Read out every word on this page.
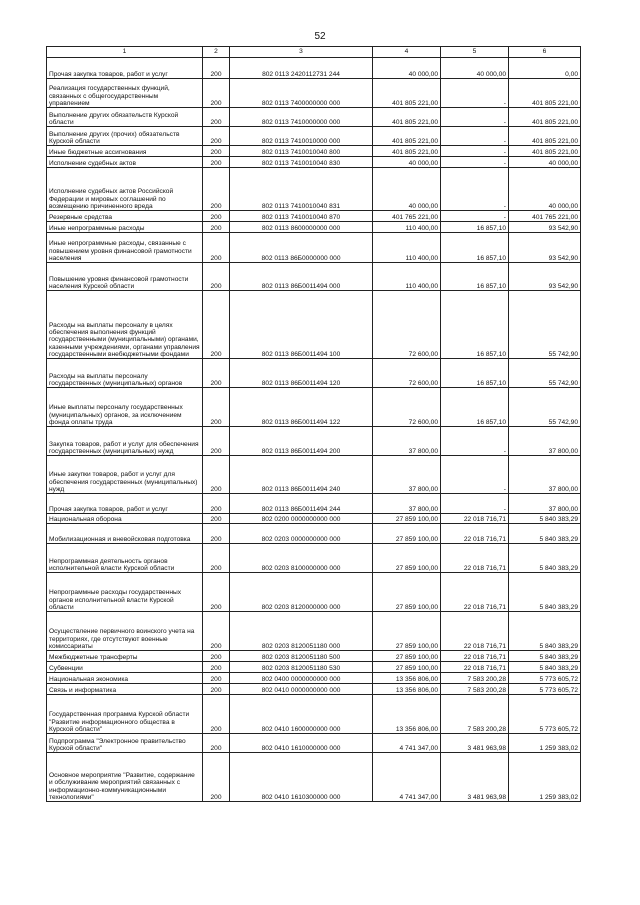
52
1	2	3	4	5	6
Прочая закупка товаров, работ и услуг	200	802 0113 2420112731 244	40 000,00	40 000,00	0,00
Реализация государственных функций, связанных с общегосударственным управлением	200	802 0113 7400000000 000	401 805 221,00	-	401 805 221,00
Выполнение других обязательств Курской области	200	802 0113 7410000000 000	401 805 221,00	-	401 805 221,00
Выполнение других (прочих) обязательств Курской области	200	802 0113 7410010000 000	401 805 221,00	-	401 805 221,00
Иные бюджетные ассигнования	200	802 0113 7410010040 800	401 805 221,00	-	401 805 221,00
Исполнение судебных актов	200	802 0113 7410010040 830	40 000,00	-	40 000,00
Исполнение судебных актов Российской Федерации и мировых соглашений по возмещению причиненного вреда	200	802 0113 7410010040 831	40 000,00	-	40 000,00
Резервные средства	200	802 0113 7410010040 870	401 765 221,00	-	401 765 221,00
Иные непрограммные расходы	200	802 0113 8600000000 000	110 400,00	16 857,10	93 542,90
Иные непрограммные расходы, связанные с повышением уровня финансовой грамотности населения	200	802 0113 86Б0000000 000	110 400,00	16 857,10	93 542,90
Повышение уровня финансовой грамотности населения Курской области	200	802 0113 86Б0011494 000	110 400,00	16 857,10	93 542,90
Расходы на выплаты персоналу в целях обеспечения выполнения функций государственными (муниципальными) органами, казенными учреждениями, органами управления государственными внебюджетными фондами	200	802 0113 86Б0011494 100	72 600,00	16 857,10	55 742,90
Расходы на выплаты персоналу государственных (муниципальных) органов	200	802 0113 86Б0011494 120	72 600,00	16 857,10	55 742,90
Иные выплаты персоналу государственных (муниципальных) органов, за исключением фонда оплаты труда	200	802 0113 86Б0011494 122	72 600,00	16 857,10	55 742,90
Закупка товаров, работ и услуг для обеспечения государственных (муниципальных) нужд	200	802 0113 86Б0011494 200	37 800,00	-	37 800,00
Иные закупки товаров, работ и услуг для обеспечения государственных (муниципальных) нужд	200	802 0113 86Б0011494 240	37 800,00	-	37 800,00
Прочая закупка товаров, работ и услуг	200	802 0113 86Б0011494 244	37 800,00	-	37 800,00
Национальная оборона	200	802 0200 0000000000 000	27 859 100,00	22 018 716,71	5 840 383,29
Мобилизационная и вневойсковая подготовка	200	802 0203 0000000000 000	27 859 100,00	22 018 716,71	5 840 383,29
Непрограммная деятельность органов исполнительной власти Курской области	200	802 0203 8100000000 000	27 859 100,00	22 018 716,71	5 840 383,29
Непрограммные расходы государственных органов исполнительной власти Курской области	200	802 0203 8120000000 000	27 859 100,00	22 018 716,71	5 840 383,29
Осуществление первичного воинского учета на территориях, где отсутствуют военные комиссариаты	200	802 0203 8120051180 000	27 859 100,00	22 018 716,71	5 840 383,29
Межбюджетные трансферты	200	802 0203 8120051180 500	27 859 100,00	22 018 716,71	5 840 383,29
Субвенции	200	802 0203 8120051180 530	27 859 100,00	22 018 716,71	5 840 383,29
Национальная экономика	200	802 0400 0000000000 000	13 356 806,00	7 583 200,28	5 773 605,72
Связь и информатика	200	802 0410 0000000000 000	13 356 806,00	7 583 200,28	5 773 605,72
Государственная программа Курской области "Развитие информационного общества в Курской области"	200	802 0410 1600000000 000	13 356 806,00	7 583 200,28	5 773 605,72
Подпрограмма "Электронное правительство Курской области"	200	802 0410 1610000000 000	4 741 347,00	3 481 963,98	1 259 383,02
Основное мероприятие "Развитие, содержание и обслуживание мероприятий связанных с информационно-коммуникационными технологиями"	200	802 0410 1610300000 000	4 741 347,00	3 481 963,98	1 259 383,02
